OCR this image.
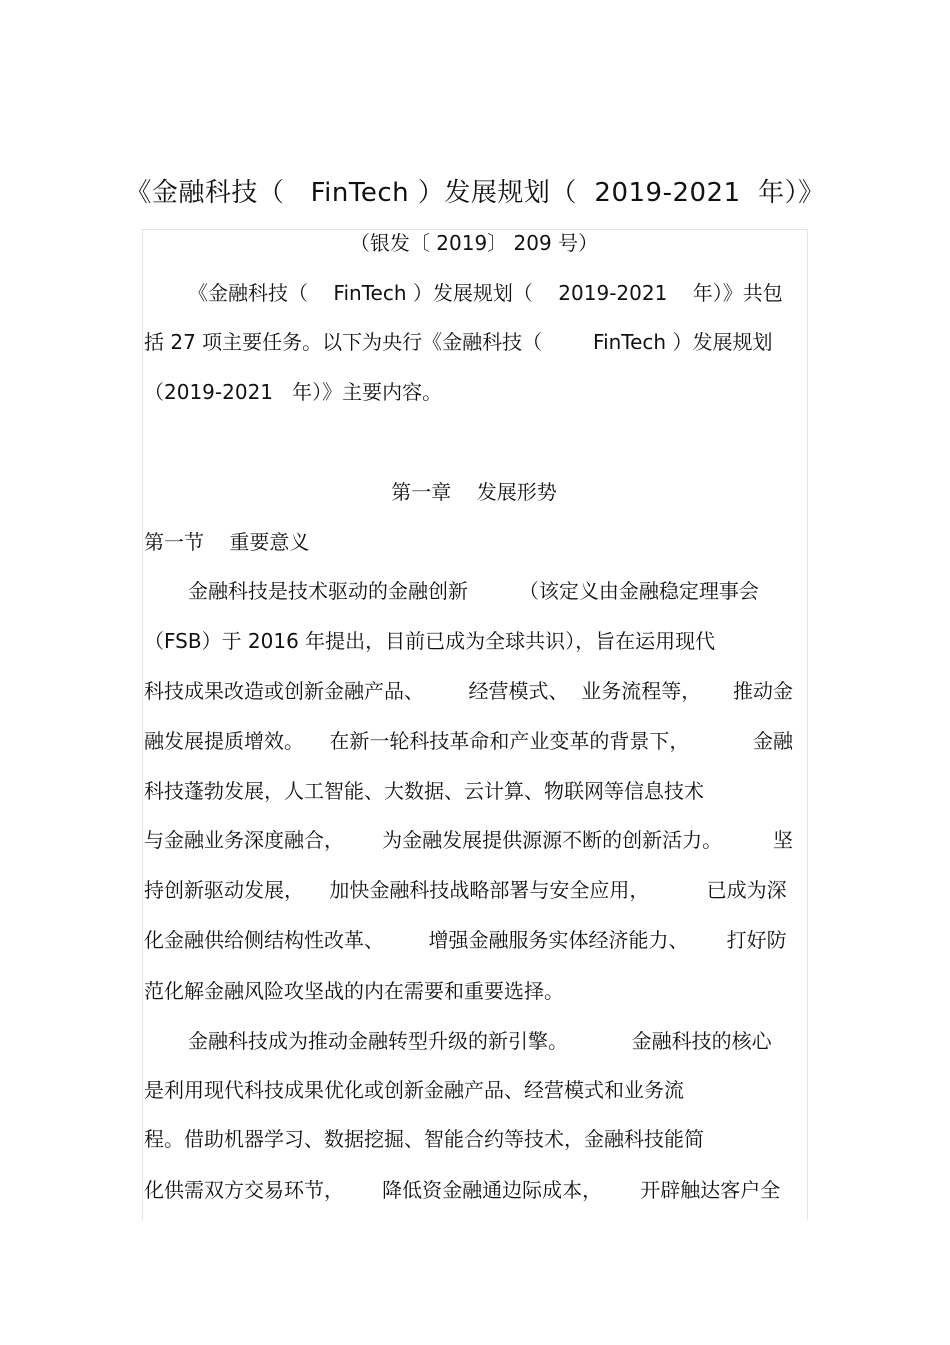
《金融科技（   FinTech ）发展规划（  2019-2021  年）》
（银发〔 2019〕 209 号）
《金融科技（    FinTech ）发展规划（    2019-2021    年）》共包
括 27 项主要任务。以下为央行《金融科技（        FinTech ）发展规划
（2019-2021   年）》主要内容。
第一章    发展形势
第一节    重要意义
金融科技是技术驱动的金融创新        （该定义由金融稳定理事会
（FSB）于 2016 年提出，目前已成为全球共识），旨在运用现代
科技成果改造或创新金融产品、       经营模式、  业务流程等，     推动金
融发展提质增效。    在新一轮科技革命和产业变革的背景下，          金融
科技蓬勃发展，人工智能、大数据、云计算、物联网等信息技术
与金融业务深度融合，      为金融发展提供源源不断的创新活力。        坚
持创新驱动发展，    加快金融科技战略部署与安全应用，         已成为深
化金融供给侧结构性改革、       增强金融服务实体经济能力、      打好防
范化解金融风险攻坚战的内在需要和重要选择。
金融科技成为推动金融转型升级的新引擎。          金融科技的核心
是利用现代科技成果优化或创新金融产品、经营模式和业务流
程。借助机器学习、数据挖掘、智能合约等技术，金融科技能简
化供需双方交易环节，      降低资金融通边际成本，      开辟触达客户全
